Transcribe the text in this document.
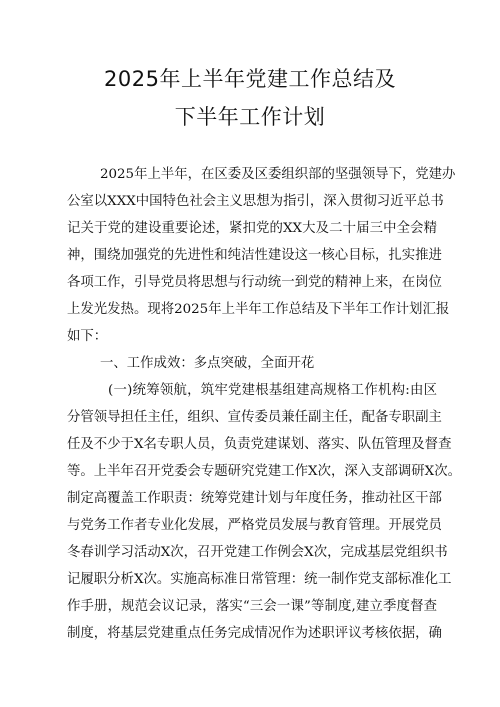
2025年上半年党建工作总结及
下半年工作计划
2025年上半年，在区委及区委组织部的坚强领导下，党建办
公室以XXX中国特色社会主义思想为指引，深入贯彻习近平总书
记关于党的建设重要论述，紧扣党的XX大及二十届三中全会精
神，围绕加强党的先进性和纯洁性建设这一核心目标，扎实推进
各项工作，引导党员将思想与行动统一到党的精神上来，在岗位
上发光发热。现将2025年上半年工作总结及下半年工作计划汇报
如下：
一、工作成效：多点突破，全面开花
(一)统筹领航，筑牢党建根基组建高规格工作机构:由区
分管领导担任主任，组织、宣传委员兼任副主任，配备专职副主
任及不少于X名专职人员，负责党建谋划、落实、队伍管理及督查
等。上半年召开党委会专题研究党建工作X次，深入支部调研X次。
制定高覆盖工作职责：统筹党建计划与年度任务，推动社区干部
与党务工作者专业化发展，严格党员发展与教育管理。开展党员
冬春训学习活动X次，召开党建工作例会X次，完成基层党组织书
记履职分析X次。实施高标准日常管理：统一制作党支部标准化工
作手册，规范会议记录，落实“三会一课”等制度,建立季度督查
制度，将基层党建重点任务完成情况作为述职评议考核依据，确
